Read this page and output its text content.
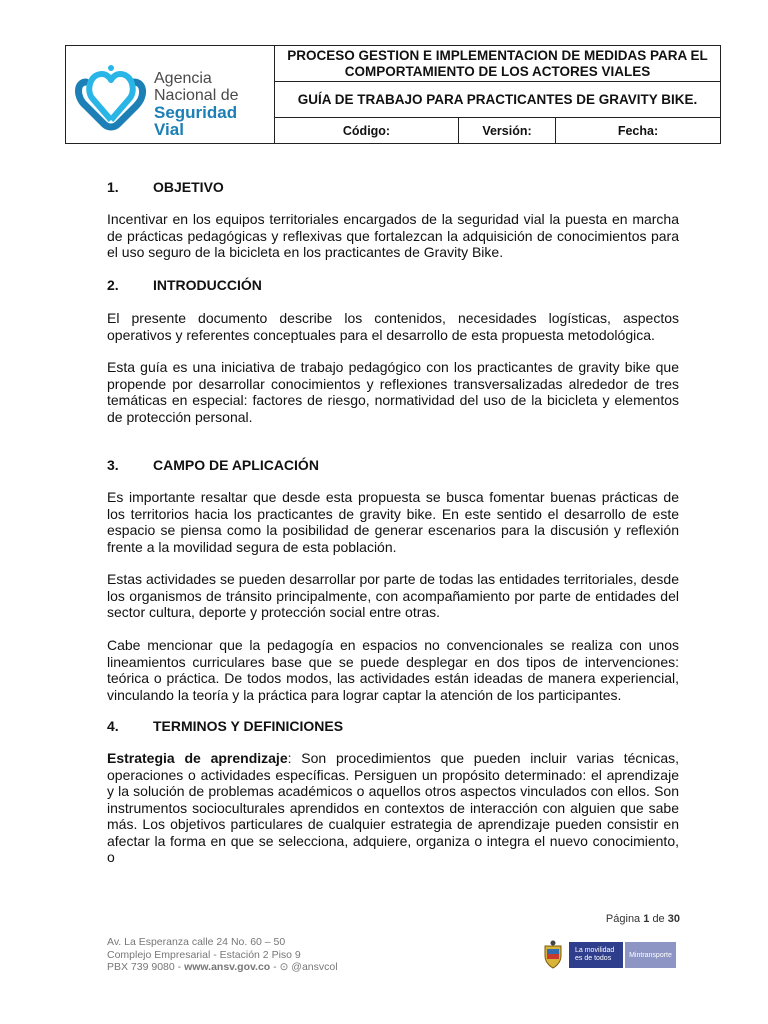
Agencia
Nacional de
Seguridad Vial	PROCESO GESTION E IMPLEMENTACION DE MEDIDAS PARA EL COMPORTAMIENTO DE LOS ACTORES VIALES		
	GUÍA DE TRABAJO PARA PRACTICANTES DE GRAVITY BIKE.		
	Código:	Versión:	Fecha:
1. OBJETIVO

Incentivar en los equipos territoriales encargados de la seguridad vial la puesta en marcha de prácticas pedagógicas y reflexivas que fortalezcan la adquisición de conocimientos para el uso seguro de la bicicleta en los practicantes de Gravity Bike.

2. INTRODUCCIÓN

El presente documento describe los contenidos, necesidades logísticas, aspectos operativos y referentes conceptuales para el desarrollo de esta propuesta metodológica.

Esta guía es una iniciativa de trabajo pedagógico con los practicantes de gravity bike que propende por desarrollar conocimientos y reflexiones transversalizadas alrededor de tres temáticas en especial: factores de riesgo, normatividad del uso de la bicicleta y elementos de protección personal.

3. CAMPO DE APLICACIÓN

Es importante resaltar que desde esta propuesta se busca fomentar buenas prácticas de los territorios hacia los practicantes de gravity bike. En este sentido el desarrollo de este espacio se piensa como la posibilidad de generar escenarios para la discusión y reflexión frente a la movilidad segura de esta población.

Estas actividades se pueden desarrollar por parte de todas las entidades territoriales, desde los organismos de tránsito principalmente, con acompañamiento por parte de entidades del sector cultura, deporte y protección social entre otras.

Cabe mencionar que la pedagogía en espacios no convencionales se realiza con unos lineamientos curriculares base que se puede desplegar en dos tipos de intervenciones: teórica o práctica. De todos modos, las actividades están ideadas de manera experiencial, vinculando la teoría y la práctica para lograr captar la atención de los participantes.

4. TERMINOS Y DEFINICIONES

Estrategia de aprendizaje: Son procedimientos que pueden incluir varias técnicas, operaciones o actividades específicas. Persiguen un propósito determinado: el aprendizaje y la solución de problemas académicos o aquellos otros aspectos vinculados con ellos. Son instrumentos socioculturales aprendidos en contextos de interacción con alguien que sabe más. Los objetivos particulares de cualquier estrategia de aprendizaje pueden consistir en afectar la forma en que se selecciona, adquiere, organiza o integra el nuevo conocimiento, o

Página 1 de 30
Av. La Esperanza calle 24 No. 60 – 50
Complejo Empresarial - Estación 2 Piso 9
PBX 739 9080 - www.ansv.gov.co - ⊙ @ansvcol
La movilidad
es de todos	Mintransporte
